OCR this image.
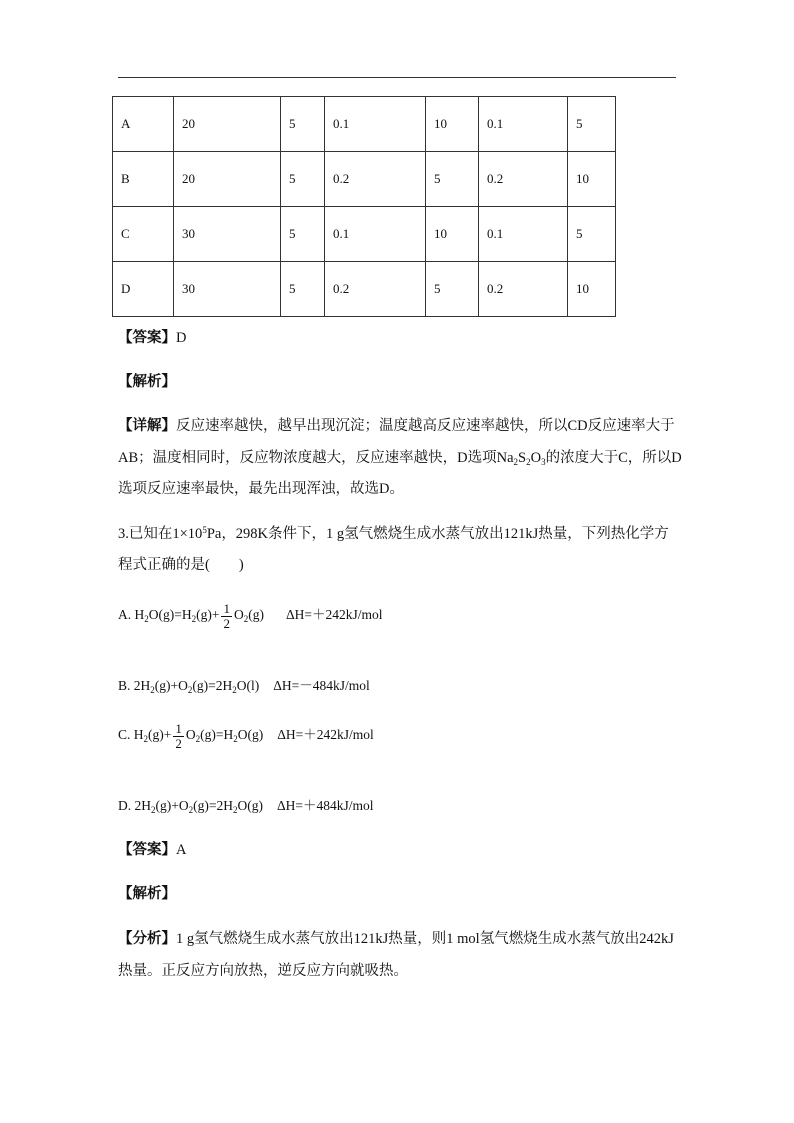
A	20	5	0.1	10	0.1	5
B	20	5	0.2	5	0.2	10
C	30	5	0.1	10	0.1	5
D	30	5	0.2	5	0.2	10
【答案】D
【解析】
【详解】反应速率越快，越早出现沉淀；温度越高反应速率越快，所以CD反应速率大于
AB；温度相同时，反应物浓度越大，反应速率越快，D选项$Na_2S_2O_3$的浓度大于C，所以D
选项反应速率最快，最先出现浑浊，故选D。
3.已知在$1\times 10^5Pa$，298K条件下，1 g氢气燃烧生成水蒸气放出121kJ热量，下列热化学方
程式正确的是(　　)
A. $H_2O(g)=H_2(g)+ \frac{1}{2} O_2(g)$ ΔH=＋242kJ/mol
B. $2H_2(g)+O_2(g)=2H_2O(l)$ ΔH=－484kJ/mol
C. $H_2(g)+ \frac{1}{2} O_2(g)=H_2O(g)$ ΔH=＋242kJ/mol
D. $2H_2(g)+O_2(g)=2H_2O(g)$ ΔH=＋484kJ/mol
【答案】A
【解析】
【分析】1 g氢气燃烧生成水蒸气放出121kJ热量，则1 mol氢气燃烧生成水蒸气放出242kJ
热量。正反应方向放热，逆反应方向就吸热。
